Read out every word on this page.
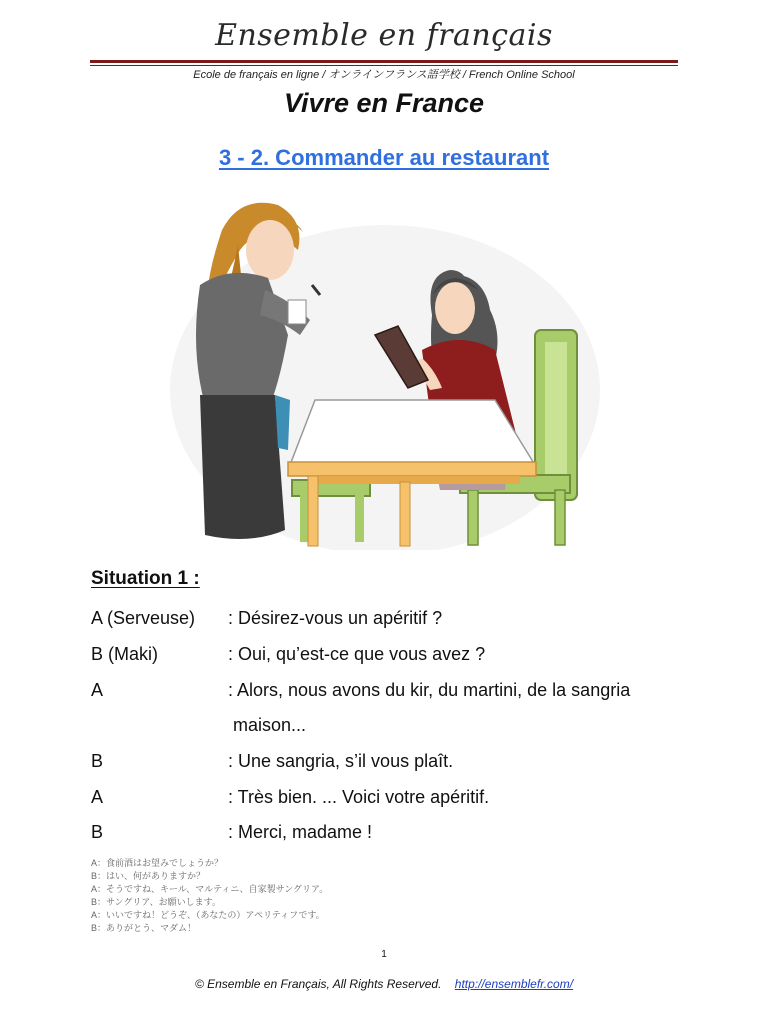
Ensemble en français
Ecole de français en ligne / オンラインフランス語学校 / French Online School
Vivre en France
3 - 2. Commander au restaurant
Situation 1 :
A (Serveuse) : Désirez-vous un apéritif ?
B (Maki)	: Oui, qu’est-ce que vous avez ?
A	: Alors, nous avons du kir, du martini, de la sangria
maison...
B	: Une sangria, s’il vous plaît.
A	: Très bien. ... Voici votre apéritif.
B	: Merci, madame !
A：食前酒はお望みでしょうか？
B：はい、何がありますか？
A：そうですね、キール、マルティニ、自家製サングリア。
B：サングリア、お願いします。
A：いいですね！どうぞ、（あなたの）アペリティフです。
B：ありがとう、マダム！
1
© Ensemble en Français, All Rights Reserved. http://ensemblefr.com/
